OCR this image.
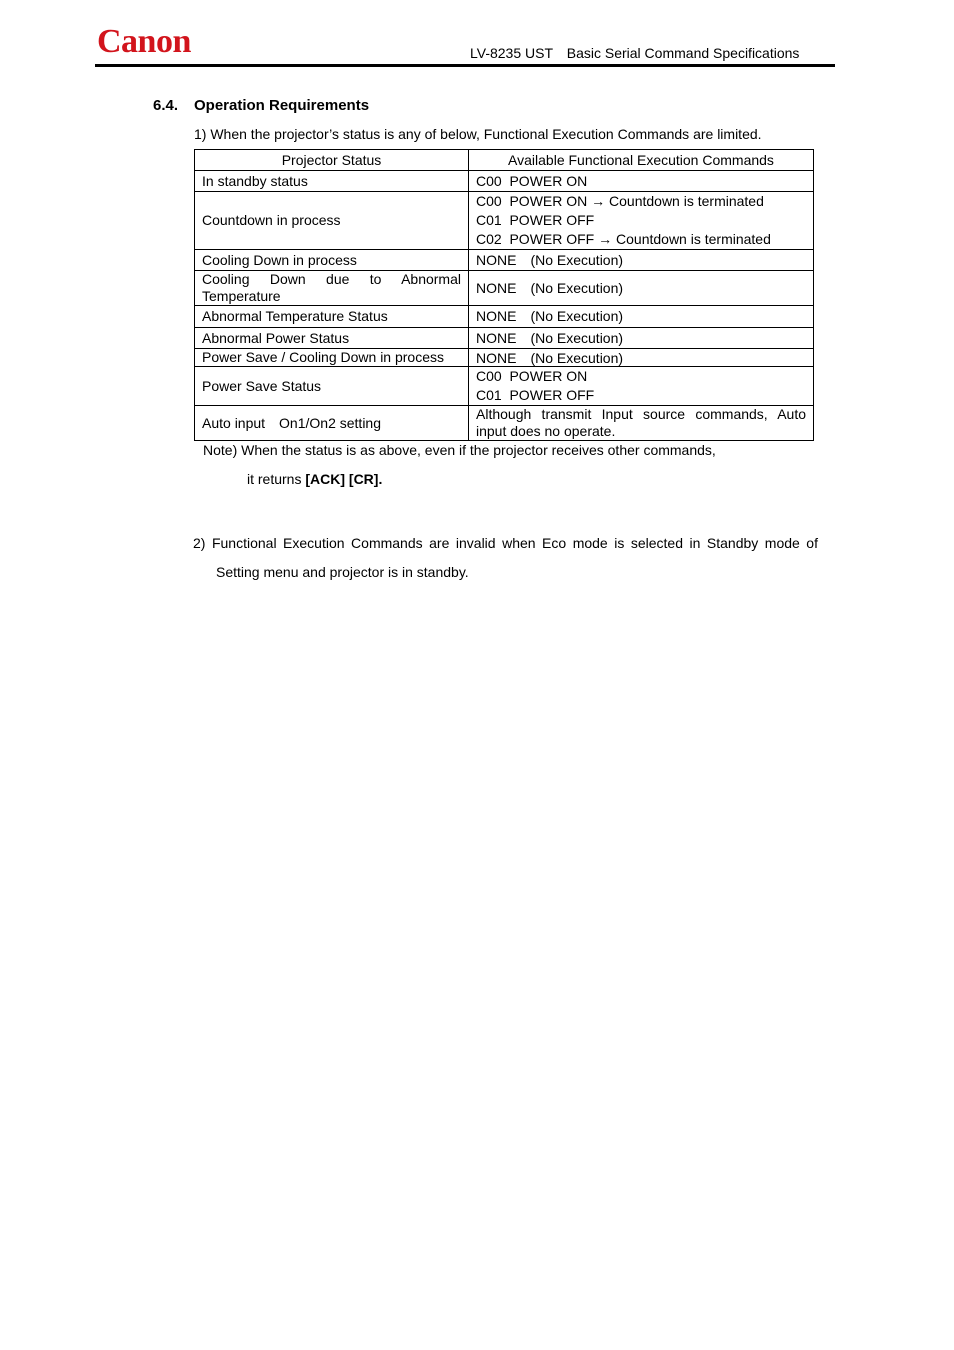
Canon	LV-8235 UST　Basic Serial Command Specifications
6.4. Operation Requirements
1) When the projector’s status is any of below, Functional Execution Commands are limited.
Projector Status	Available Functional Execution Commands
In standby status	C00  POWER ON

Countdown in process	C00  POWER ON → Countdown is terminated
C01  POWER OFF
C02  POWER OFF → Countdown is terminated

Cooling Down in process	NONE　(No Execution)

Cooling Down due to Abnormal Temperature	NONE　(No Execution)

Abnormal Temperature Status	NONE　(No Execution)

Abnormal Power Status	NONE　(No Execution)

Power Save / Cooling Down in process	NONE　(No Execution)

Power Save Status	C00  POWER ON
C01  POWER OFF

Auto input　On1/On2 setting	Although transmit Input source commands, Auto input does no operate.
Note) When the status is as above, even if the projector receives other commands,
it returns [ACK] [CR].
2) Functional Execution Commands are invalid when Eco mode is selected in Standby mode of
Setting menu and projector is in standby.
